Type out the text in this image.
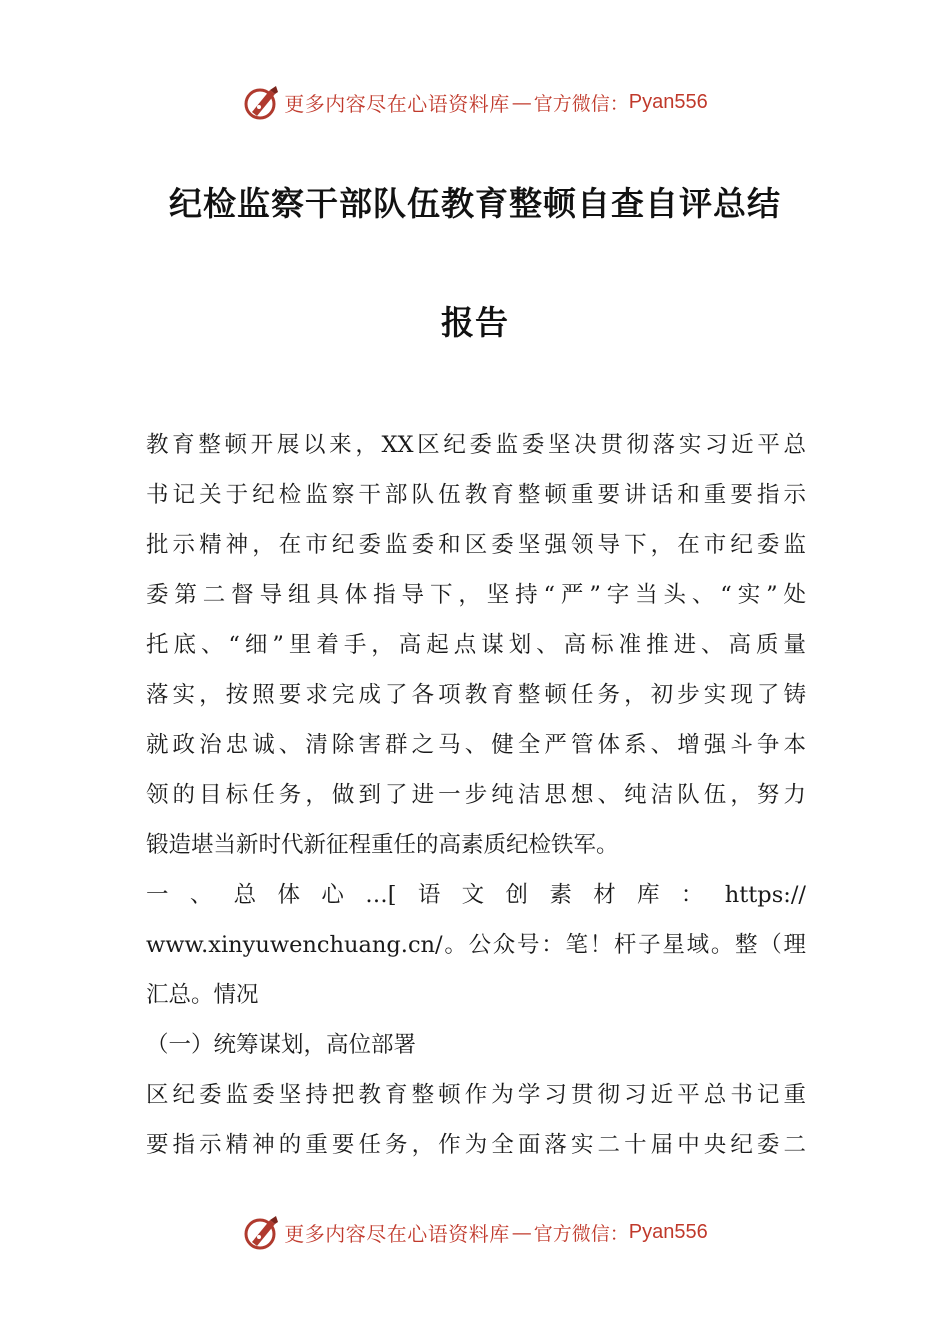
更多内容尽在心语资料库 — 官方微信： Pyan556
纪检监察干部队伍教育整顿自查自评总结
报告
教育整顿开展以来，XX区纪委监委坚决贯彻落实习近平总
书记关于纪检监察干部队伍教育整顿重要讲话和重要指示
批示精神，在市纪委监委和区委坚强领导下，在市纪委监
委第二督导组具体指导下，坚持“严”字当头、“实”处
托底、“细”里着手，高起点谋划、高标准推进、高质量
落实，按照要求完成了各项教育整顿任务，初步实现了铸
就政治忠诚、清除害群之马、健全严管体系、增强斗争本
领的目标任务，做到了进一步纯洁思想、纯洁队伍，努力
锻造堪当新时代新征程重任的高素质纪检铁军。
一、总体心…[语文创素材库：https://
www.xinyuwenchuang.cn/。公众号：笔！杆子星域。整（理
汇总。情况
（一）统筹谋划，高位部署
区纪委监委坚持把教育整顿作为学习贯彻习近平总书记重
要指示精神的重要任务，作为全面落实二十届中央纪委二
更多内容尽在心语资料库 — 官方微信： Pyan556
